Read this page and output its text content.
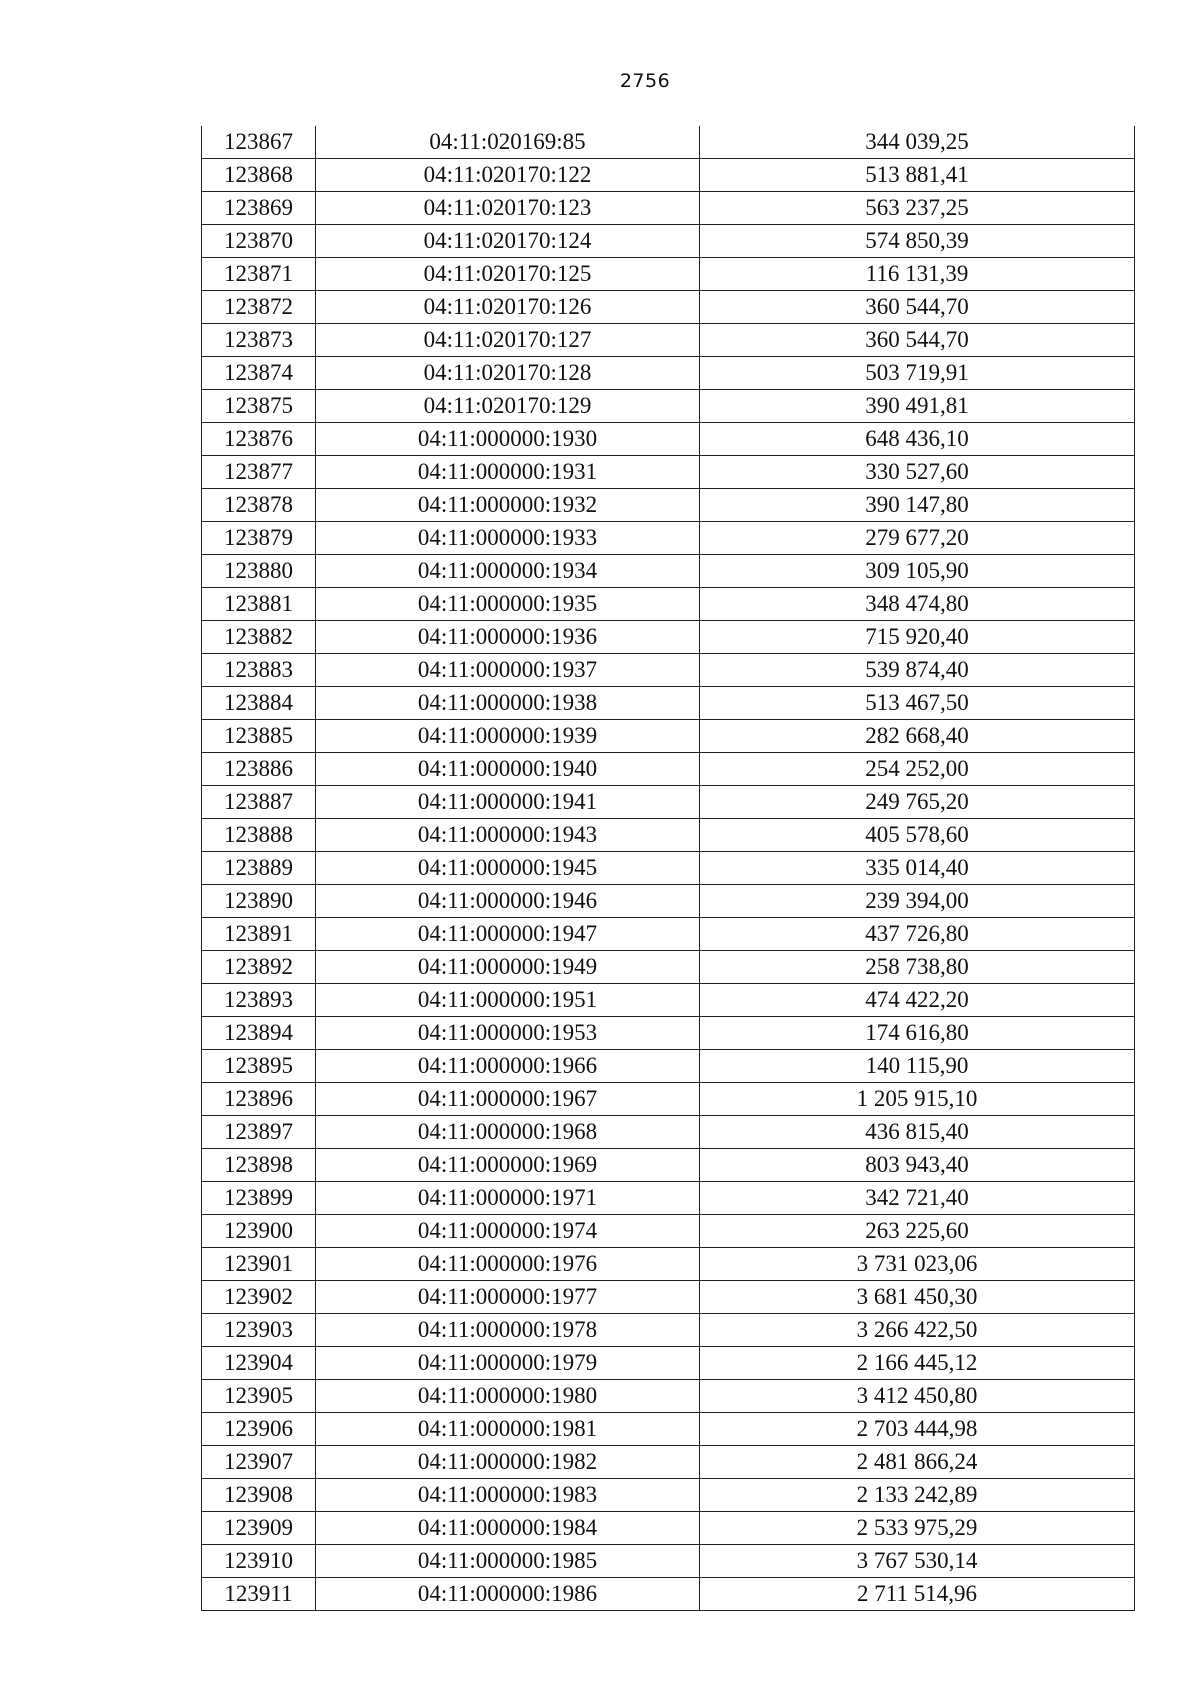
2756
123867	04:11:020169:85	344 039,25
123868	04:11:020170:122	513 881,41
123869	04:11:020170:123	563 237,25
123870	04:11:020170:124	574 850,39
123871	04:11:020170:125	116 131,39
123872	04:11:020170:126	360 544,70
123873	04:11:020170:127	360 544,70
123874	04:11:020170:128	503 719,91
123875	04:11:020170:129	390 491,81
123876	04:11:000000:1930	648 436,10
123877	04:11:000000:1931	330 527,60
123878	04:11:000000:1932	390 147,80
123879	04:11:000000:1933	279 677,20
123880	04:11:000000:1934	309 105,90
123881	04:11:000000:1935	348 474,80
123882	04:11:000000:1936	715 920,40
123883	04:11:000000:1937	539 874,40
123884	04:11:000000:1938	513 467,50
123885	04:11:000000:1939	282 668,40
123886	04:11:000000:1940	254 252,00
123887	04:11:000000:1941	249 765,20
123888	04:11:000000:1943	405 578,60
123889	04:11:000000:1945	335 014,40
123890	04:11:000000:1946	239 394,00
123891	04:11:000000:1947	437 726,80
123892	04:11:000000:1949	258 738,80
123893	04:11:000000:1951	474 422,20
123894	04:11:000000:1953	174 616,80
123895	04:11:000000:1966	140 115,90
123896	04:11:000000:1967	1 205 915,10
123897	04:11:000000:1968	436 815,40
123898	04:11:000000:1969	803 943,40
123899	04:11:000000:1971	342 721,40
123900	04:11:000000:1974	263 225,60
123901	04:11:000000:1976	3 731 023,06
123902	04:11:000000:1977	3 681 450,30
123903	04:11:000000:1978	3 266 422,50
123904	04:11:000000:1979	2 166 445,12
123905	04:11:000000:1980	3 412 450,80
123906	04:11:000000:1981	2 703 444,98
123907	04:11:000000:1982	2 481 866,24
123908	04:11:000000:1983	2 133 242,89
123909	04:11:000000:1984	2 533 975,29
123910	04:11:000000:1985	3 767 530,14
123911	04:11:000000:1986	2 711 514,96
